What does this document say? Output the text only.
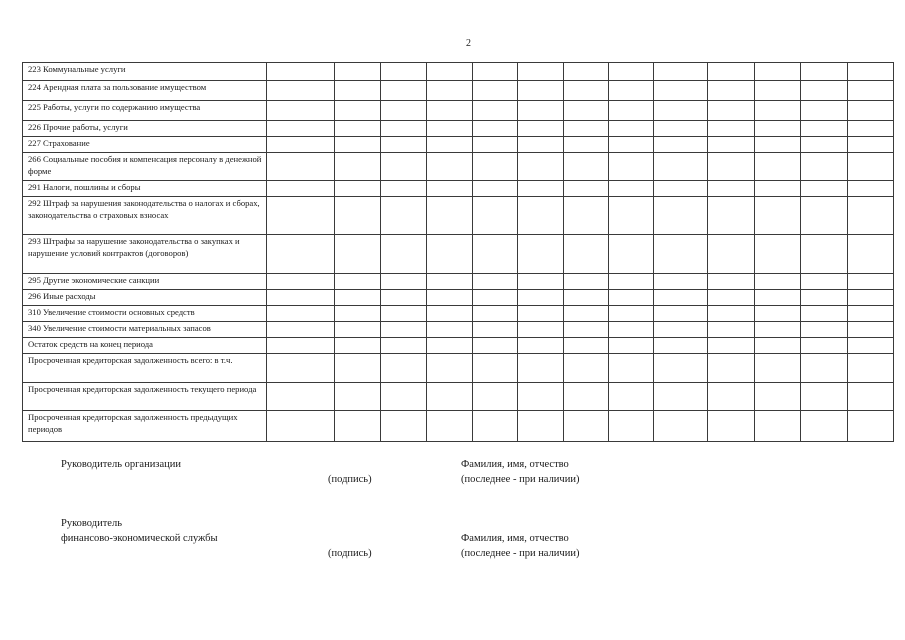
2
223 Коммунальные услуги													
224 Арендная плата за пользование имуществом													
225 Работы, услуги по содержанию имущества													
226 Прочие работы, услуги													
227 Страхование													
266 Социальные пособия и компенсация персоналу в денежной форме													
291 Налоги, пошлины и сборы													
292 Штраф за нарушения законодательства о налогах и сборах, законодательства о страховых взносах													
293 Штрафы за нарушение законодательства о закупках и нарушение условий контрактов (договоров)													
295 Другие экономические санкции													
296 Иные расходы													
310 Увеличение стоимости основных средств													
340 Увеличение стоимости материальных запасов													
Остаток средств на конец периода													
Просроченная кредиторская задолженность всего: в т.ч.													
Просроченная кредиторская задолженность текущего периода													
Просроченная кредиторская задолженность предыдущих периодов													
Руководитель организации	Фамилия, имя, отчество
(подпись)	(последнее - при наличии)
Руководитель
финансово-экономической службы	Фамилия, имя, отчество
(подпись)	(последнее - при наличии)
